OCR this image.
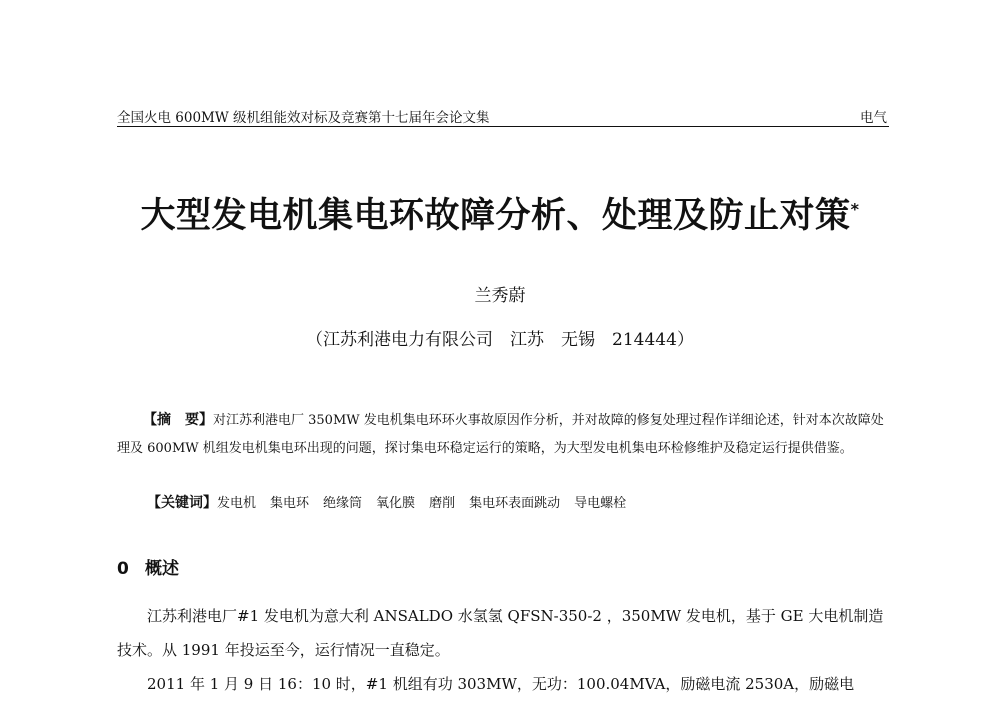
全国火电 600MW 级机组能效对标及竞赛第十七届年会论文集	电气
大型发电机集电环故障分析、处理及防止对策*
兰秀蔚
（江苏利港电力有限公司　江苏　无锡　214444）

【摘　要】对江苏利港电厂 350MW 发电机集电环环火事故原因作分析，并对故障的修复处理过程作详细论述，针对本次故障处理及 600MW 机组发电机集电环出现的问题，探讨集电环稳定运行的策略，为大型发电机集电环检修维护及稳定运行提供借鉴。

【关键词】发电机 集电环 绝缘筒 氧化膜 磨削 集电环表面跳动 导电螺栓
0 概述

江苏利港电厂#1 发电机为意大利 ANSALDO 水氢氢 QFSN-350-2 ，350MW 发电机，基于 GE 大电机制造技术。从 1991 年投运至今，运行情况一直稳定。

2011 年 1 月 9 日 16：10 时，#1 机组有功 303MW，无功：100.04MVA，励磁电流 2530A，励磁电
